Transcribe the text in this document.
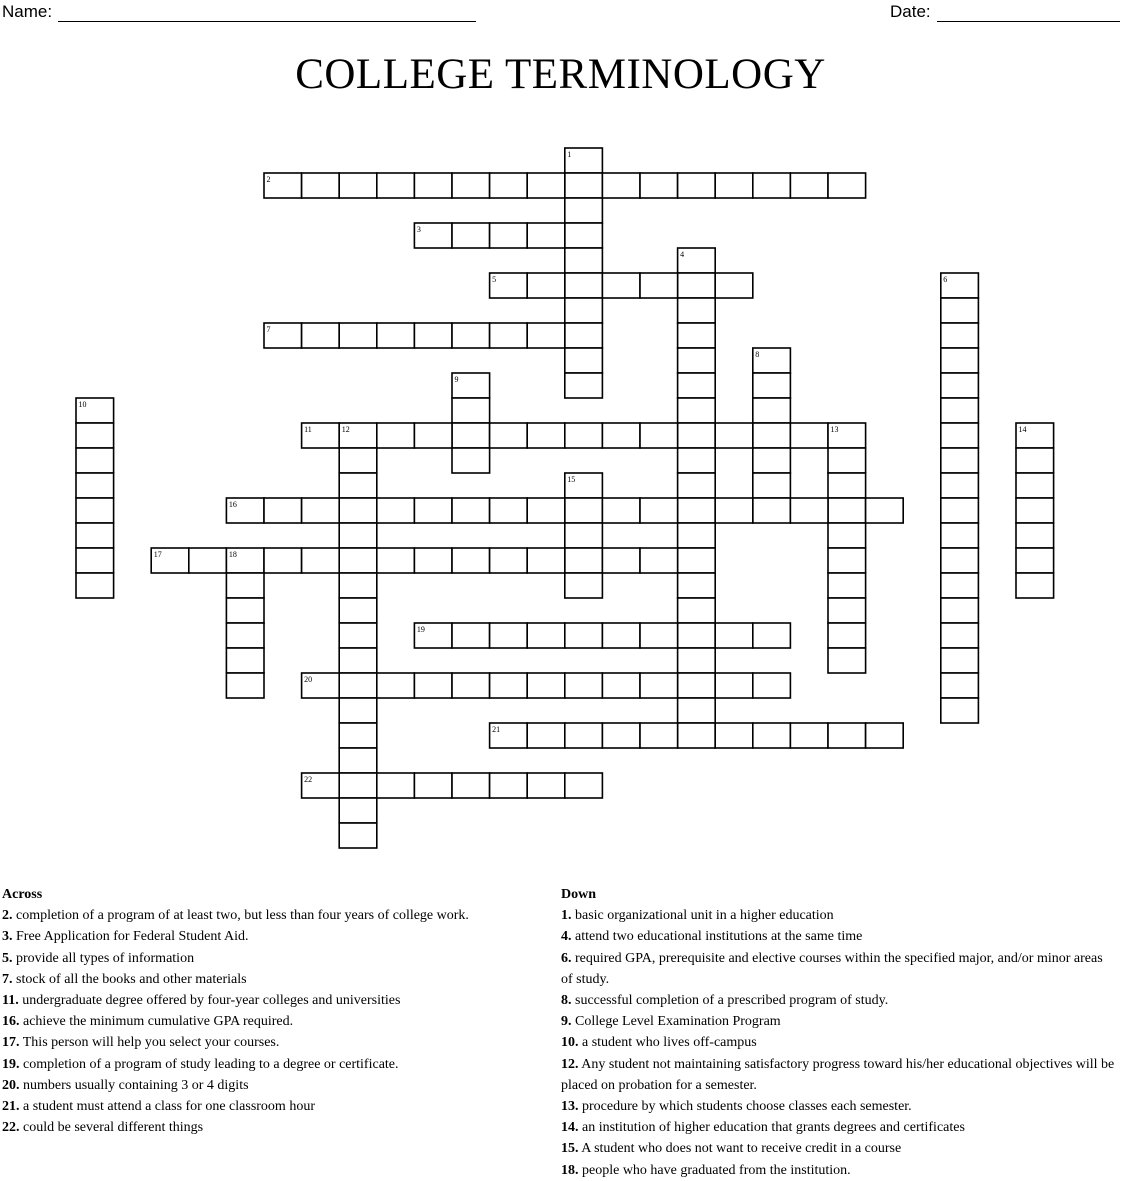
Name:	Date:
COLLEGE TERMINOLOGY
1
2
3
4
5	6
7
8
9
10
11	12	13	14
15
16
17	18
19
20
21
22
Across
2. completion of a program of at least two, but less than four years of college work.
3. Free Application for Federal Student Aid.
5. provide all types of information
7. stock of all the books and other materials
11. undergraduate degree offered by four-year colleges and universities
16. achieve the minimum cumulative GPA required.
17. This person will help you select your courses.
19. completion of a program of study leading to a degree or certificate.
20. numbers usually containing 3 or 4 digits
21. a student must attend a class for one classroom hour
22. could be several different things
Down
1. basic organizational unit in a higher education
4. attend two educational institutions at the same time
6. required GPA, prerequisite and elective courses within the specified major, and/or minor areas of study.
8. successful completion of a prescribed program of study.
9. College Level Examination Program
10. a student who lives off-campus
12. Any student not maintaining satisfactory progress toward his/her educational objectives will be placed on probation for a semester.
13. procedure by which students choose classes each semester.
14. an institution of higher education that grants degrees and certificates
15. A student who does not want to receive credit in a course
18. people who have graduated from the institution.
